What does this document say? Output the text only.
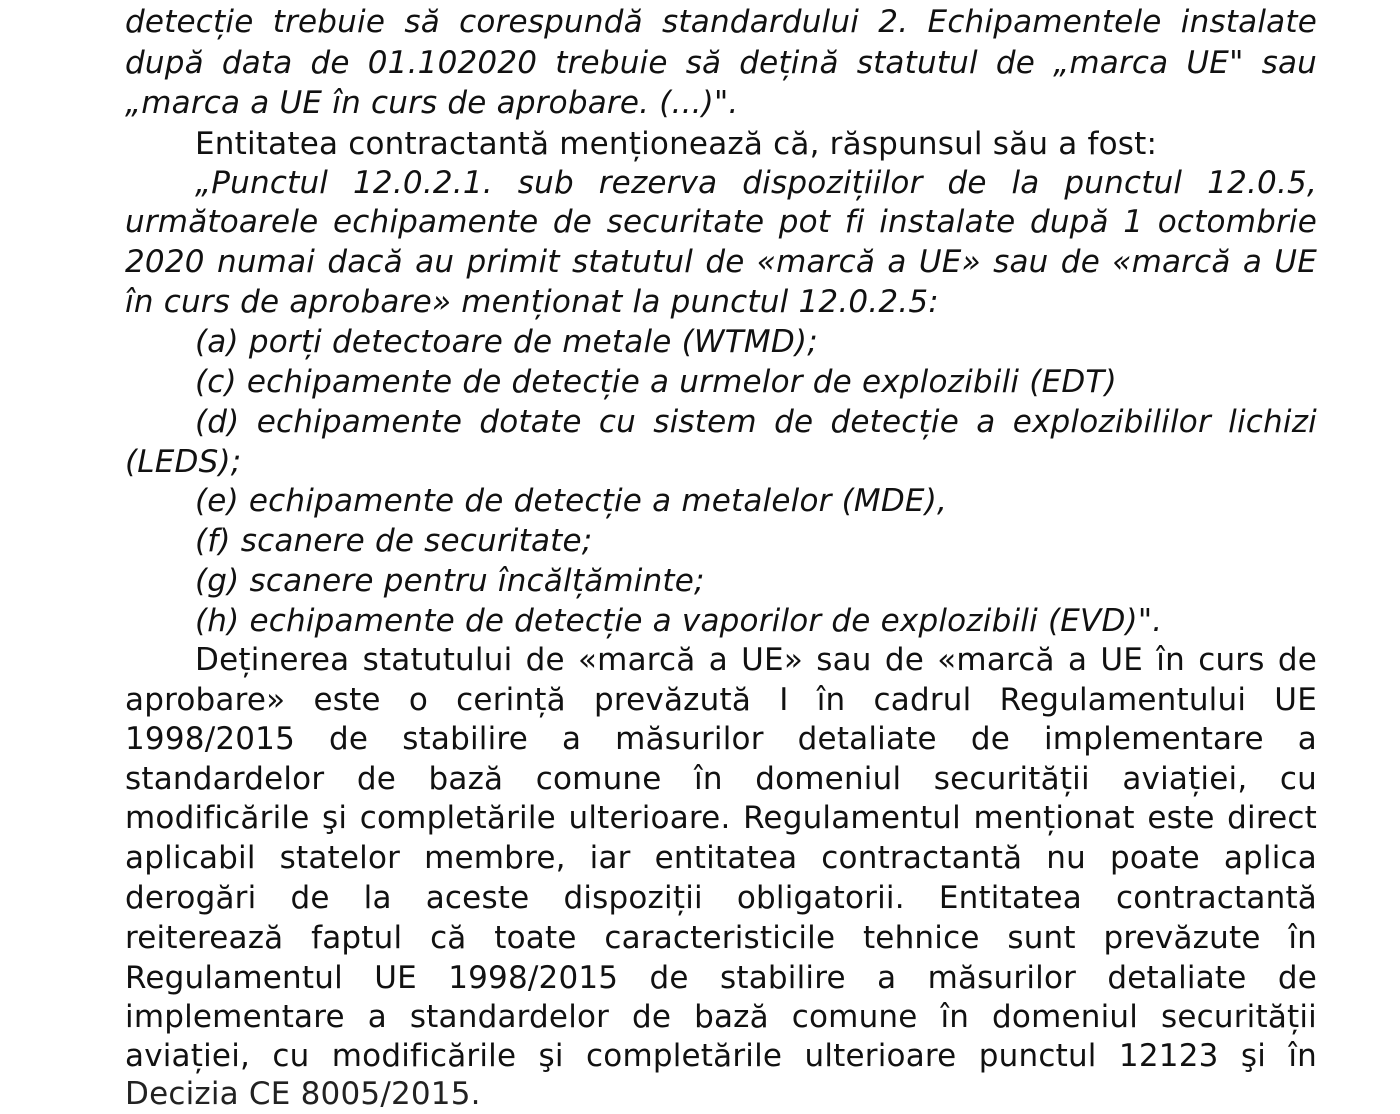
detecție trebuie să corespundă standardului 2. Echipamentele instalate
după data de 01.102020 trebuie să dețină statutul de „marca UE" sau
„marca a UE în curs de aprobare. (...)".
Entitatea contractantă menționează că, răspunsul său a fost:
„Punctul 12.0.2.1. sub rezerva dispozițiilor de la punctul 12.0.5,
următoarele echipamente de securitate pot fi instalate după 1 octombrie
2020 numai dacă au primit statutul de «marcă a UE» sau de «marcă a UE
în curs de aprobare» menționat la punctul 12.0.2.5:
(a) porți detectoare de metale (WTMD);
(c) echipamente de detecție a urmelor de explozibili (EDT)
(d) echipamente dotate cu sistem de detecție a explozibililor lichizi
(LEDS);
(e) echipamente de detecție a metalelor (MDE),
(f) scanere de securitate;
(g) scanere pentru încălțăminte;
(h) echipamente de detecție a vaporilor de explozibili (EVD)".
Deținerea statutului de «marcă a UE» sau de «marcă a UE în curs de
aprobare» este o cerință prevăzută I în cadrul Regulamentului UE
1998/2015 de stabilire a măsurilor detaliate de implementare a
standardelor de bază comune în domeniul securității aviației, cu
modificările şi completările ulterioare. Regulamentul menționat este direct
aplicabil statelor membre, iar entitatea contractantă nu poate aplica
derogări de la aceste dispoziții obligatorii. Entitatea contractantă
reiterează faptul că toate caracteristicile tehnice sunt prevăzute în
Regulamentul UE 1998/2015 de stabilire a măsurilor detaliate de
implementare a standardelor de bază comune în domeniul securității
aviației, cu modificările şi completările ulterioare punctul 12123 şi în
Decizia CE 8005/2015.
